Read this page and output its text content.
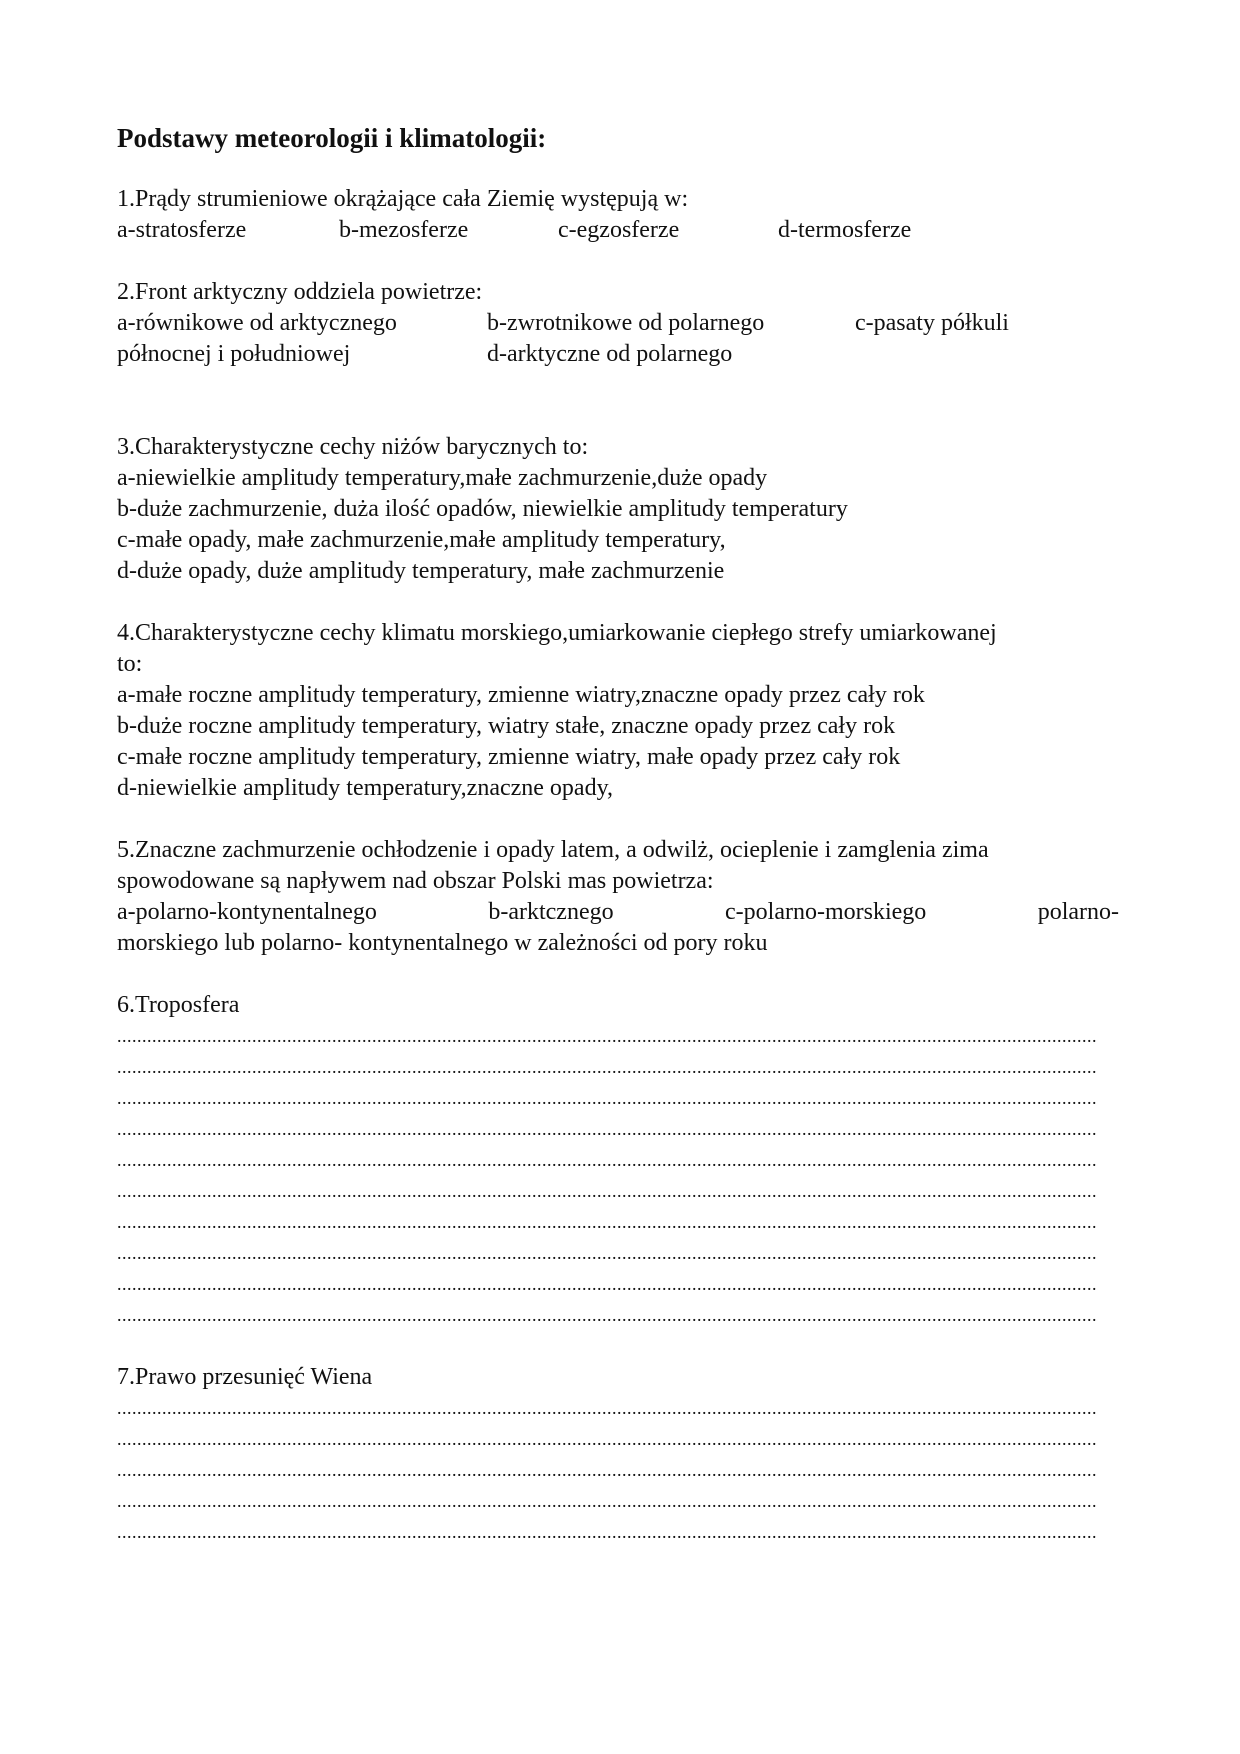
Podstawy meteorologii i klimatologii:
1.Prądy strumieniowe okrążające cała Ziemię występują w:
a-stratosferze	b-mezosferze	c-egzosferze	d-termosferze
2.Front arktyczny oddziela powietrze:
a-równikowe od arktycznego	b-zwrotnikowe od polarnego	c-pasaty półkuli
północnej i południowej	d-arktyczne od polarnego
3.Charakterystyczne cechy niżów barycznych to:
a-niewielkie amplitudy temperatury,małe zachmurzenie,duże opady
b-duże zachmurzenie, duża ilość opadów, niewielkie amplitudy temperatury
c-małe opady, małe zachmurzenie,małe amplitudy temperatury,
d-duże opady, duże amplitudy temperatury, małe zachmurzenie
4.Charakterystyczne cechy klimatu morskiego,umiarkowanie ciepłego strefy umiarkowanej
to:
a-małe roczne amplitudy temperatury, zmienne wiatry,znaczne opady przez cały rok
b-duże roczne amplitudy temperatury, wiatry stałe, znaczne opady przez cały rok
c-małe roczne amplitudy temperatury, zmienne wiatry, małe opady przez cały rok
d-niewielkie amplitudy temperatury,znaczne opady,
5.Znaczne zachmurzenie ochłodzenie i opady latem, a odwilż, ocieplenie i zamglenia zima
spowodowane są napływem nad obszar Polski mas powietrza:
a-polarno-kontynentalnego	b-arktcznego	c-polarno-morskiego	polarno-
morskiego lub polarno- kontynentalnego w zależności od pory roku
6.Troposfera
....................................................................................................................................................................................................
....................................................................................................................................................................................................
....................................................................................................................................................................................................
....................................................................................................................................................................................................
....................................................................................................................................................................................................
....................................................................................................................................................................................................
....................................................................................................................................................................................................
....................................................................................................................................................................................................
....................................................................................................................................................................................................
....................................................................................................................................................................................................
7.Prawo przesunięć Wiena
....................................................................................................................................................................................................
....................................................................................................................................................................................................
....................................................................................................................................................................................................
....................................................................................................................................................................................................
....................................................................................................................................................................................................
